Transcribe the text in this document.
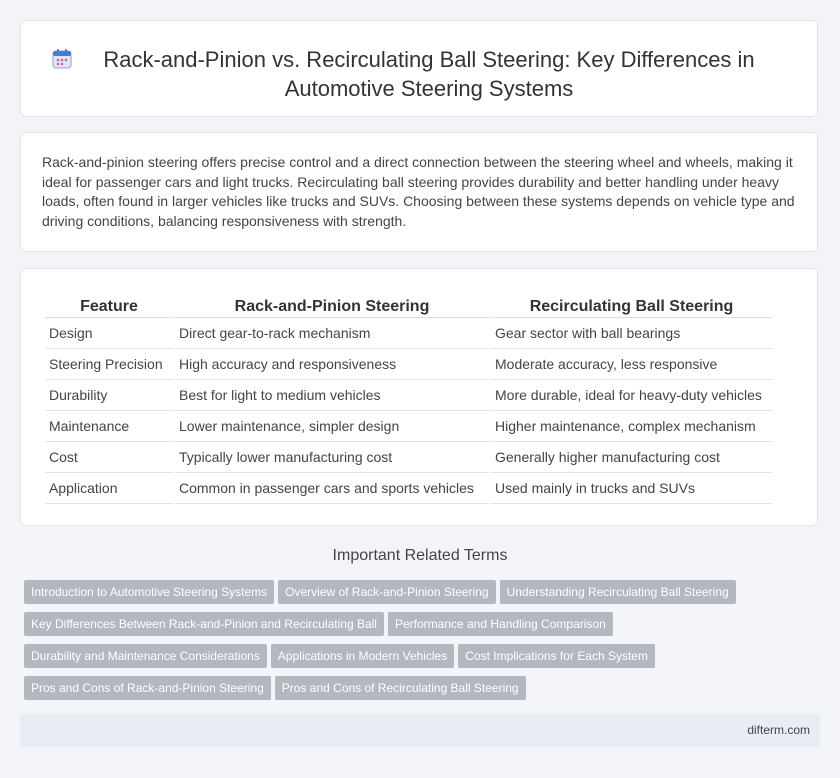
Rack-and-Pinion vs. Recirculating Ball Steering: Key Differences in Automotive Steering Systems

Rack-and-pinion steering offers precise control and a direct connection between the steering wheel and wheels, making it ideal for passenger cars and light trucks. Recirculating ball steering provides durability and better handling under heavy loads, often found in larger vehicles like trucks and SUVs. Choosing between these systems depends on vehicle type and driving conditions, balancing responsiveness with strength.

Feature	Rack-and-Pinion Steering	Recirculating Ball Steering
Design	Direct gear-to-rack mechanism	Gear sector with ball bearings
Steering Precision	High accuracy and responsiveness	Moderate accuracy, less responsive
Durability	Best for light to medium vehicles	More durable, ideal for heavy-duty vehicles
Maintenance	Lower maintenance, simpler design	Higher maintenance, complex mechanism
Cost	Typically lower manufacturing cost	Generally higher manufacturing cost
Application	Common in passenger cars and sports vehicles	Used mainly in trucks and SUVs
Important Related Terms
Introduction to Automotive Steering Systems Overview of Rack-and-Pinion Steering Understanding Recirculating Ball Steering
Key Differences Between Rack-and-Pinion and Recirculating Ball Performance and Handling Comparison
Durability and Maintenance Considerations Applications in Modern Vehicles Cost Implications for Each System
Pros and Cons of Rack-and-Pinion Steering Pros and Cons of Recirculating Ball Steering
difterm.com
